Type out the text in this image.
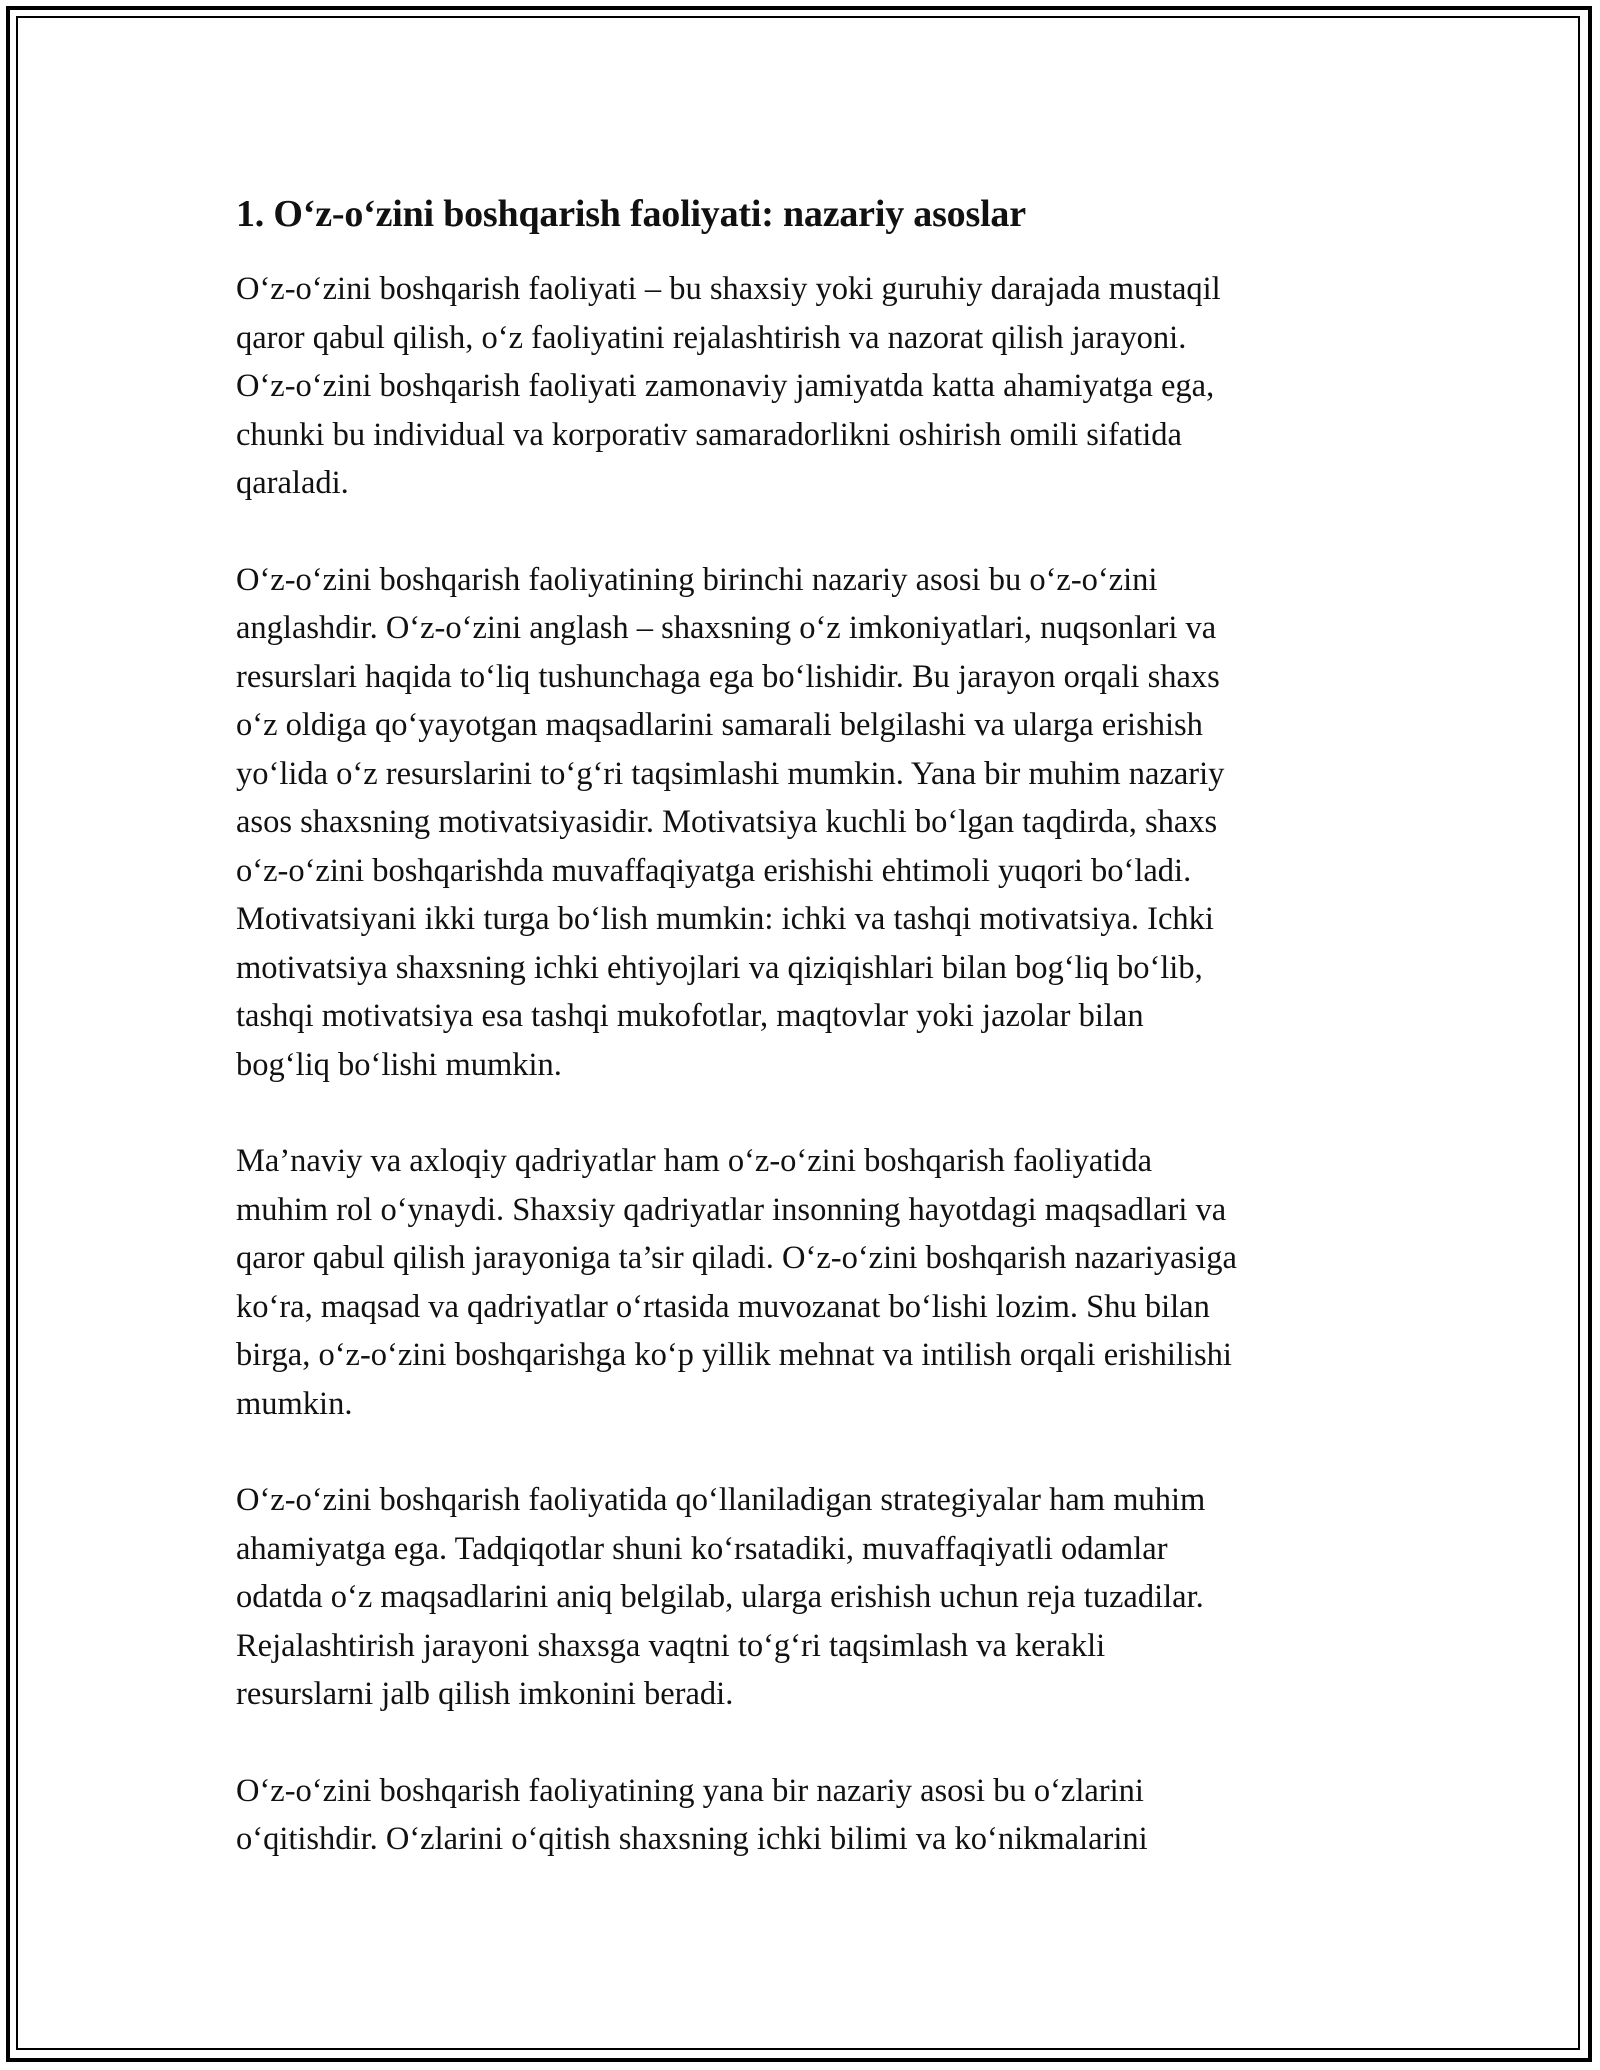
1. O‘z-o‘zini boshqarish faoliyati: nazariy asoslar

O‘z-o‘zini boshqarish faoliyati – bu shaxsiy yoki guruhiy darajada mustaqil
qaror qabul qilish, o‘z faoliyatini rejalashtirish va nazorat qilish jarayoni.
O‘z-o‘zini boshqarish faoliyati zamonaviy jamiyatda katta ahamiyatga ega,
chunki bu individual va korporativ samaradorlikni oshirish omili sifatida
qaraladi.

O‘z-o‘zini boshqarish faoliyatining birinchi nazariy asosi bu o‘z-o‘zini
anglashdir. O‘z-o‘zini anglash – shaxsning o‘z imkoniyatlari, nuqsonlari va
resurslari haqida to‘liq tushunchaga ega bo‘lishidir. Bu jarayon orqali shaxs
o‘z oldiga qo‘yayotgan maqsadlarini samarali belgilashi va ularga erishish
yo‘lida o‘z resurslarini to‘g‘ri taqsimlashi mumkin. Yana bir muhim nazariy
asos shaxsning motivatsiyasidir. Motivatsiya kuchli bo‘lgan taqdirda, shaxs
o‘z-o‘zini boshqarishda muvaffaqiyatga erishishi ehtimoli yuqori bo‘ladi.
Motivatsiyani ikki turga bo‘lish mumkin: ichki va tashqi motivatsiya. Ichki
motivatsiya shaxsning ichki ehtiyojlari va qiziqishlari bilan bog‘liq bo‘lib,
tashqi motivatsiya esa tashqi mukofotlar, maqtovlar yoki jazolar bilan
bog‘liq bo‘lishi mumkin.

Ma’naviy va axloqiy qadriyatlar ham o‘z-o‘zini boshqarish faoliyatida
muhim rol o‘ynaydi. Shaxsiy qadriyatlar insonning hayotdagi maqsadlari va
qaror qabul qilish jarayoniga ta’sir qiladi. O‘z-o‘zini boshqarish nazariyasiga
ko‘ra, maqsad va qadriyatlar o‘rtasida muvozanat bo‘lishi lozim. Shu bilan
birga, o‘z-o‘zini boshqarishga ko‘p yillik mehnat va intilish orqali erishilishi
mumkin.

O‘z-o‘zini boshqarish faoliyatida qo‘llaniladigan strategiyalar ham muhim
ahamiyatga ega. Tadqiqotlar shuni ko‘rsatadiki, muvaffaqiyatli odamlar
odatda o‘z maqsadlarini aniq belgilab, ularga erishish uchun reja tuzadilar.
Rejalashtirish jarayoni shaxsga vaqtni to‘g‘ri taqsimlash va kerakli
resurslarni jalb qilish imkonini beradi.

O‘z-o‘zini boshqarish faoliyatining yana bir nazariy asosi bu o‘zlarini
o‘qitishdir. O‘zlarini o‘qitish shaxsning ichki bilimi va ko‘nikmalarini
